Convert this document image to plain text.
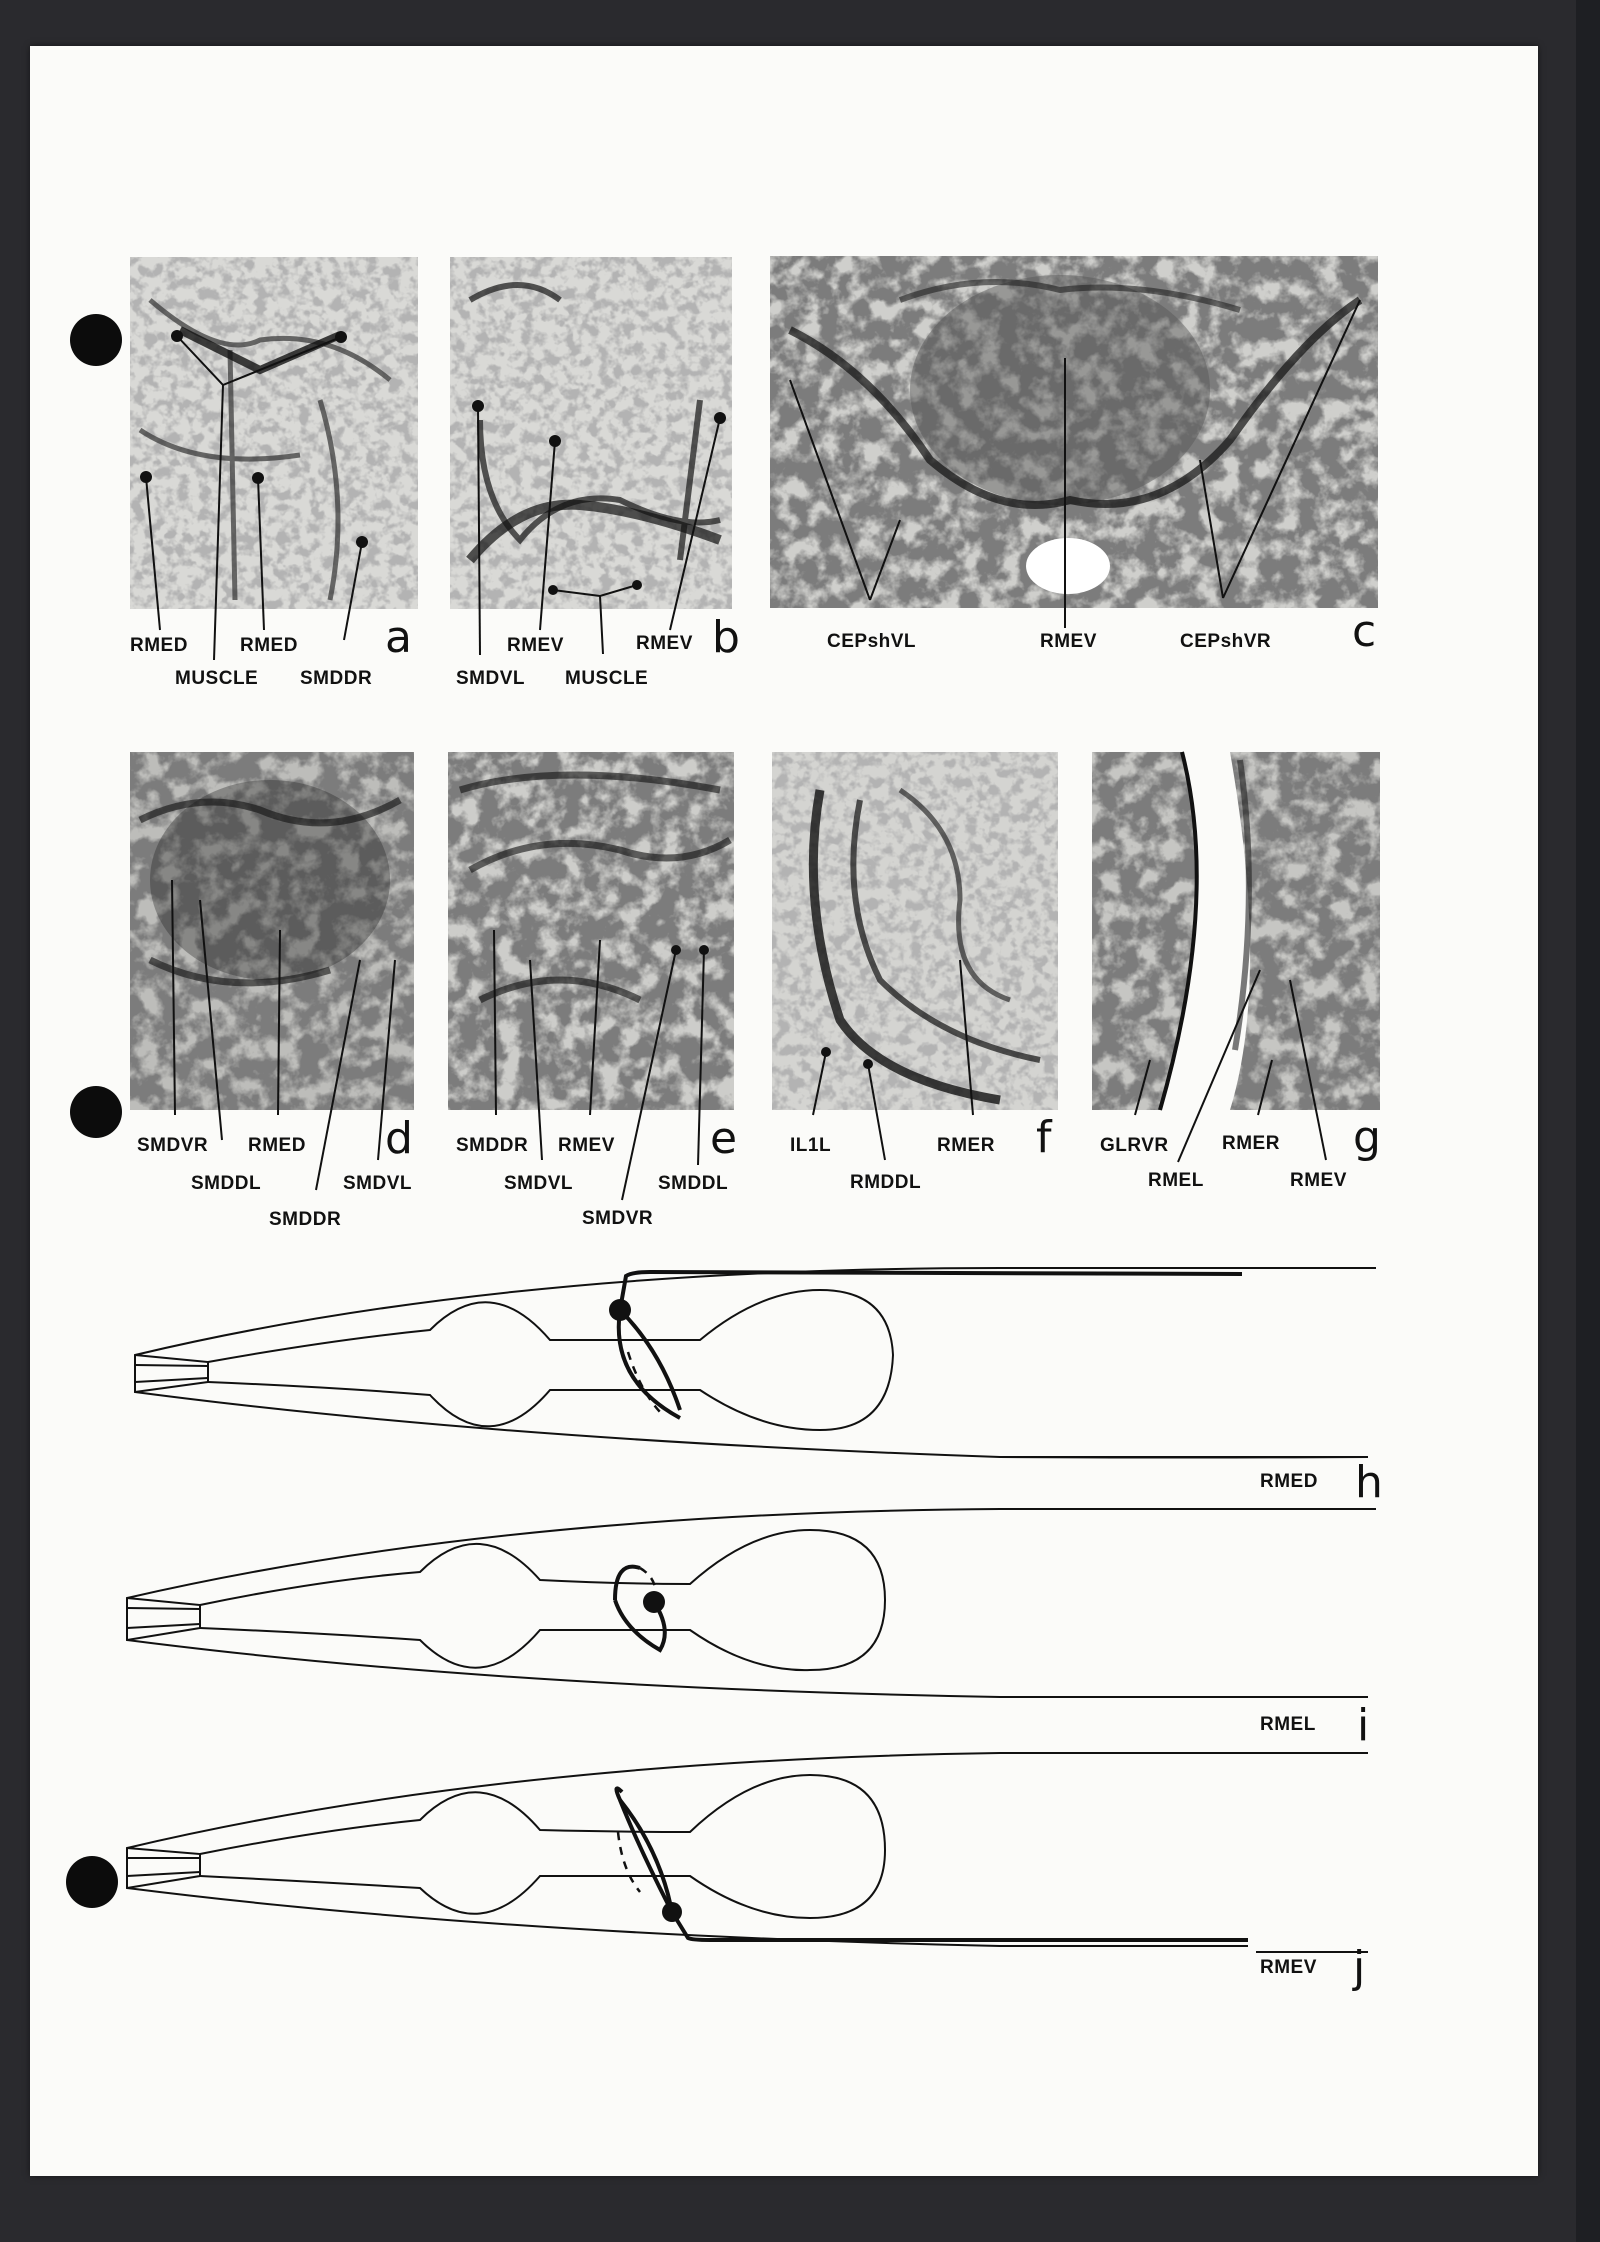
RMED	RMED
MUSCLE SMDDR
a
SMDVL
RMEV
MUSCLE
RMEV b	CEPshVL	RMEV	CEPshVR c
SMDVR RMED
SMDDL
SMDDR
SMDVL
d SMDDR RMEV
SMDVL
SMDVR
SMDDL
e	IL1L	RMER
RMDDL
f	GLRVR	RMER
RMEL	RMEV
g
RMED h
RMEL i
RMEV j
